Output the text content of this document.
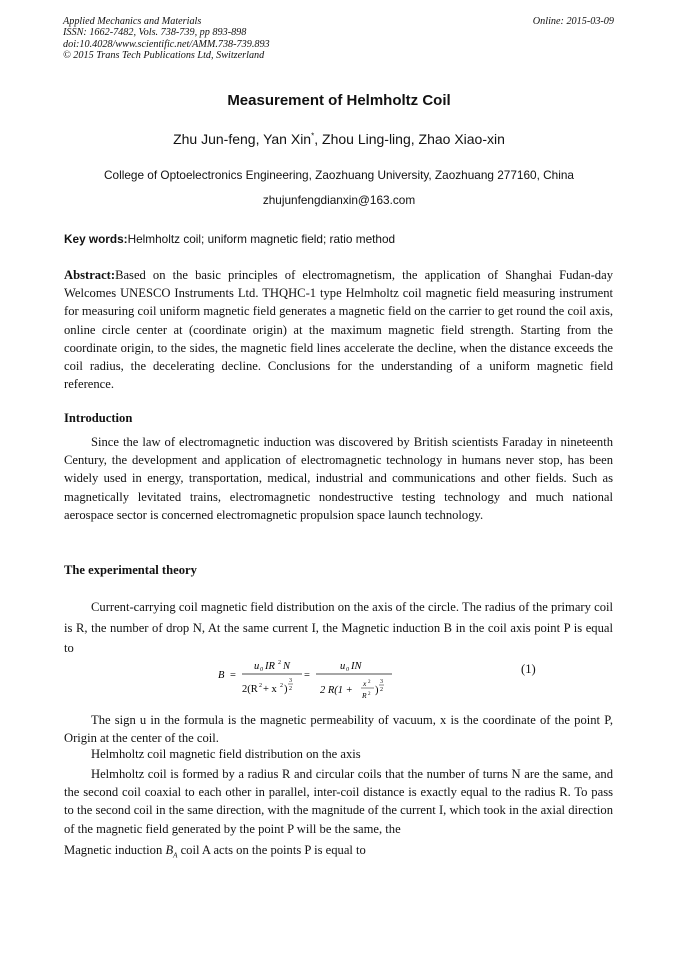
Applied Mechanics and Materials
ISSN: 1662-7482, Vols. 738-739, pp 893-898
doi:10.4028/www.scientific.net/AMM.738-739.893
© 2015 Trans Tech Publications Ltd, Switzerland
Online: 2015-03-09
Measurement of Helmholtz Coil
Zhu Jun-feng, Yan Xin*, Zhou Ling-ling, Zhao Xiao-xin
College of Optoelectronics Engineering, Zaozhuang University, Zaozhuang 277160, China
zhujunfengdianxin@163.com
Key words:Helmholtz coil; uniform magnetic field; ratio method
Abstract:Based on the basic principles of electromagnetism, the application of Shanghai Fudan-day Welcomes UNESCO Instruments Ltd. THQHC-1 type Helmholtz coil magnetic field measuring instrument for measuring coil uniform magnetic field generates a magnetic field on the carrier to get round the coil axis, online circle center at (coordinate origin) at the maximum magnetic field strength. Starting from the coordinate origin, to the sides, the magnetic field lines accelerate the decline, when the distance exceeds the coil radius, the decelerating decline. Conclusions for the understanding of a uniform magnetic field reference.
Introduction
Since the law of electromagnetic induction was discovered by British scientists Faraday in nineteenth Century, the development and application of electromagnetic technology in humans never stop, has been widely used in energy, transportation, medical, industrial and communications and other fields. Such as magnetically levitated trains, electromagnetic nondestructive testing technology and much national aerospace sector is concerned electromagnetic propulsion space launch technology.
The experimental theory
Current-carrying coil magnetic field distribution on the axis of the circle. The radius of the primary coil is R, the number of drop N, At the same current I, the Magnetic induction B in the coil axis point P is equal to
B =
u 0 IR 2 N
2(R 2 + x 2 )
3
2
=
u 0 IN
2 R(1 +
x 2
R 2 )
3
2
(1)
The sign u in the formula is the magnetic permeability of vacuum, x is the coordinate of the point P, Origin at the center of the coil.
Helmholtz coil magnetic field distribution on the axis
Helmholtz coil is formed by a radius R and circular coils that the number of turns N are the same, and the second coil coaxial to each other in parallel, inter-coil distance is exactly equal to the radius R. To pass to the second coil in the same direction, with the magnitude of the current I, which took in the axial direction of the magnetic field generated by the point P will be the same, the
Magnetic induction $B_A$ coil A acts on the points P is equal to
